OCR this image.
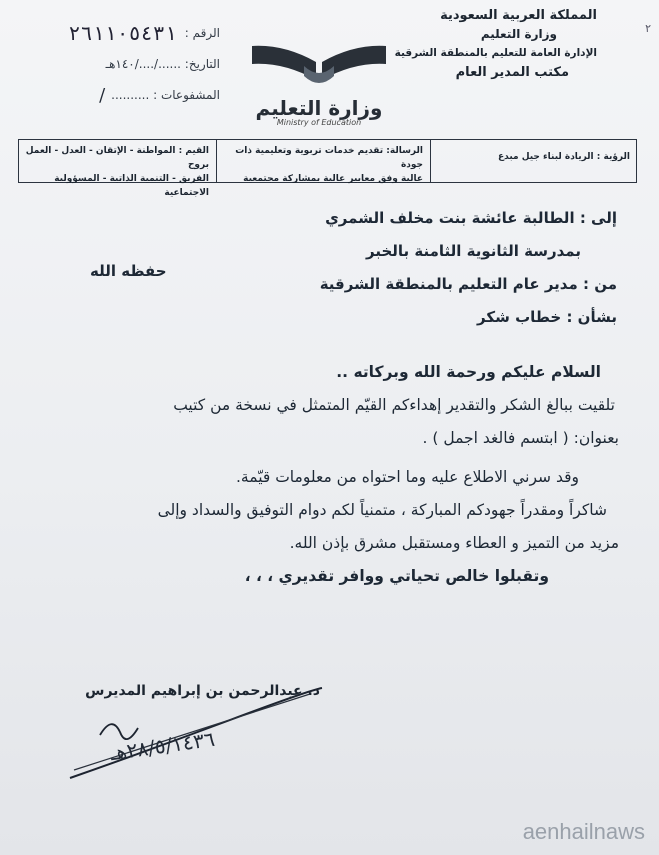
المملكة العربية السعودية
وزارة التعليم
الإدارة العامة للتعليم بالمنطقة الشرقية
مكتب المدير العام
٢
وزارة التعليم
Ministry of Education
الرقم :
٢٦١١٠٥٤٣١
التاريخ: ....../..../١٤٠هـ
المشفوعات : ..........
/
الرؤية : الريادة لبناء جيل مبدع
الرسالة: تقديم خدمات تربوية وتعليمية ذات جودة
عالية وفق معايير عالية بمشاركة مجتمعية
القيم : المواطنة - الإتقان - العدل - العمل بروح
الفريق - التنمية الذاتية - المسؤولية الاجتماعية
إلى : الطالبة عائشة بنت مخلف الشمري
بمدرسة الثانوية الثامنة بالخبر
من : مدير عام التعليم بالمنطقة الشرقية
بشأن : خطاب شكر
حفظه الله
السلام عليكم ورحمة الله وبركاته ..
تلقيت ببالغ الشكر والتقدير إهداءكم القيّم المتمثل في نسخة من كتيب
بعنوان: ( ابتسم فالغد اجمل ) .
وقد سرني الاطلاع عليه وما احتواه من معلومات قيّمة.
شاكراً ومقدراً جهودكم المباركة ، متمنياً لكم دوام التوفيق والسداد وإلى
مزيد من التميز و العطاء ومستقبل مشرق بإذن الله.
وتقبلوا خالص تحياتي ووافر تقديري ، ، ،
د. عبدالرحمن بن إبراهيم المديرس
٢٨/٥/١٤٣٦هـ
aenhailnaws
